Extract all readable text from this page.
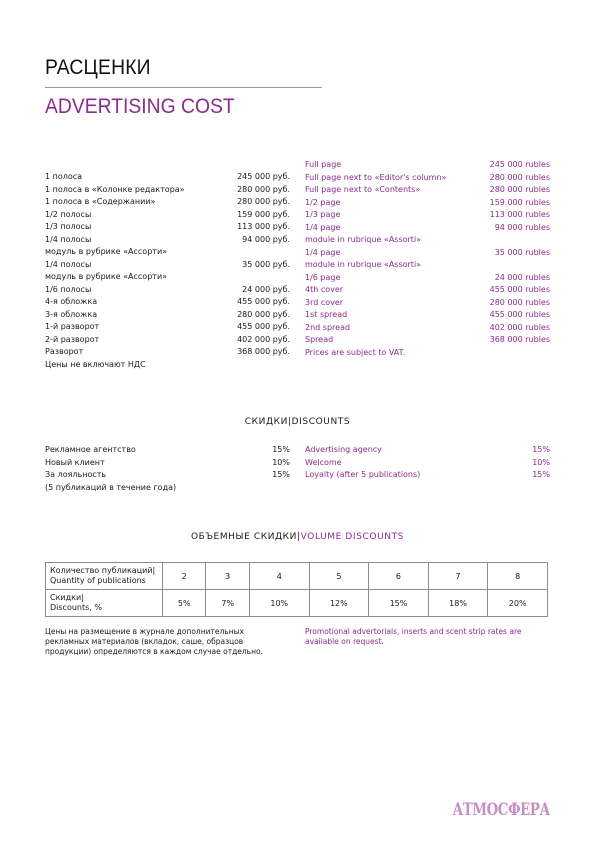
РАСЦЕНКИ
ADVERTISING COST
1 полоса	245 000 руб.
1 полоса в «Колонке редактора»	280 000 руб.
1 полоса в «Содержании»	280 000 руб.
1/2 полосы	159 000 руб.
1/3 полосы	113 000 руб.
1/4 полосы	94 000 руб.
модуль в рубрике «Ассорти»
1/4 полосы	35 000 руб.
модуль в рубрике «Ассорти»
1/6 полосы	24 000 руб.
4-я обложка	455 000 руб.
3-я обложка	280 000 руб.
1-й разворот	455 000 руб.
2-й разворот	402 000 руб.
Разворот	368 000 руб.
Цены не включают НДС
Full page	245 000 rubles
Full page next to «Editor's column»	280 000 rubles
Full page next to «Contents»	280 000 rubles
1/2 page	159 000 rubles
1/3 page	113 000 rubles
1/4 page	94 000 rubles
module in rubrique «Assorti»
1/4 page	35 000 rubles
module in rubrique «Assorti»
1/6 page	24 000 rubles
4th cover	455 000 rubles
3rd cover	280 000 rubles
1st spread	455 000 rubles
2nd spread	402 000 rubles
Spread	368 000 rubles
Prices are subject to VAT.
СКИДКИ|DISCOUNTS
Рекламное агентство	15%
Новый клиент	10%
За лояльность	15%
(5 публикаций в течение года)
Advertising agency	15%
Welcome	10%
Loyalty (after 5 publications)	15%
ОБЪЕМНЫЕ СКИДКИ|VOLUME DISCOUNTS
Количество публикаций|
Quantity of publications	2	3	4	5	6	7	8

Скидки|
Discounts, %	5%	7%	10%	12%	15%	18%	20%
Цены на размещение в журнале дополнительных рекламных материалов (вкладок, саше, образцов продукции) определяются в каждом случае отдельно.
Promotional advertorials, inserts and scent strip rates are available on request.
АТМОСФЕРА
